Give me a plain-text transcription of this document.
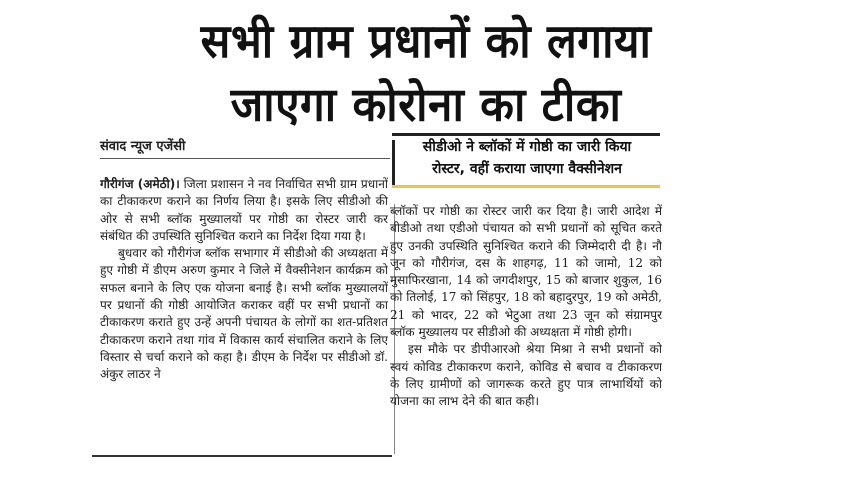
सभी ग्राम प्रधानों को लगाया
जाएगा कोरोना का टीका
संवाद न्यूज एजेंसी	सीडीओ ने ब्लॉकों में गोष्ठी का जारी किया
रोस्टर, वहीं कराया जाएगा वैक्सीनेशन

गौरीगंज (अमेठी)। जिला प्रशासन ने नव निर्वाचित सभी ग्राम प्रधानों का टीकाकरण कराने का निर्णय लिया है। इसके लिए सीडीओ की ओर से सभी ब्लॉक मुख्यालयों पर गोष्ठी का रोस्टर जारी कर संबंधित की उपस्थिति सुनिश्चित कराने का निर्देश दिया गया है।

बुधवार को गौरीगंज ब्लॉक सभागार में सीडीओ की अध्यक्षता में हुए गोष्ठी में डीएम अरुण कुमार ने जिले में वैक्सीनेशन कार्यक्रम को सफल बनाने के लिए एक योजना बनाई है। सभी ब्लॉक मुख्यालयों पर प्रधानों की गोष्ठी आयोजित कराकर वहीं पर सभी प्रधानों का टीकाकरण कराते हुए उन्हें अपनी पंचायत के लोगों का शत-प्रतिशत टीकाकरण कराने तथा गांव में विकास कार्य संचालित कराने के लिए विस्तार से चर्चा कराने को कहा है। डीएम के निर्देश पर सीडीओ डॉ. अंकुर लाठर ने

ब्लॉकों पर गोष्ठी का रोस्टर जारी कर दिया है। जारी आदेश में बीडीओ तथा एडीओ पंचायत को सभी प्रधानों को सूचित करते हुए उनकी उपस्थिति सुनिश्चित कराने की जिम्मेदारी दी है। नौ जून को गौरीगंज, दस के शाहगढ़, 11 को जामो, 12 को मुसाफिरखाना, 14 को जगदीशपुर, 15 को बाजार शुकुल, 16 को तिलोई, 17 को सिंहपुर, 18 को बहादुरपुर, 19 को अमेठी, 21 को भादर, 22 को भेटुआ तथा 23 जून को संग्रामपुर ब्लॉक मुख्यालय पर सीडीओ की अध्यक्षता में गोष्ठी होगी।

इस मौके पर डीपीआरओ श्रेया मिश्रा ने सभी प्रधानों को स्वयं कोविड टीकाकरण कराने, कोविड से बचाव व टीकाकरण के लिए ग्रामीणों को जागरूक करते हुए पात्र लाभार्थियों को योजना का लाभ देने की बात कही।
